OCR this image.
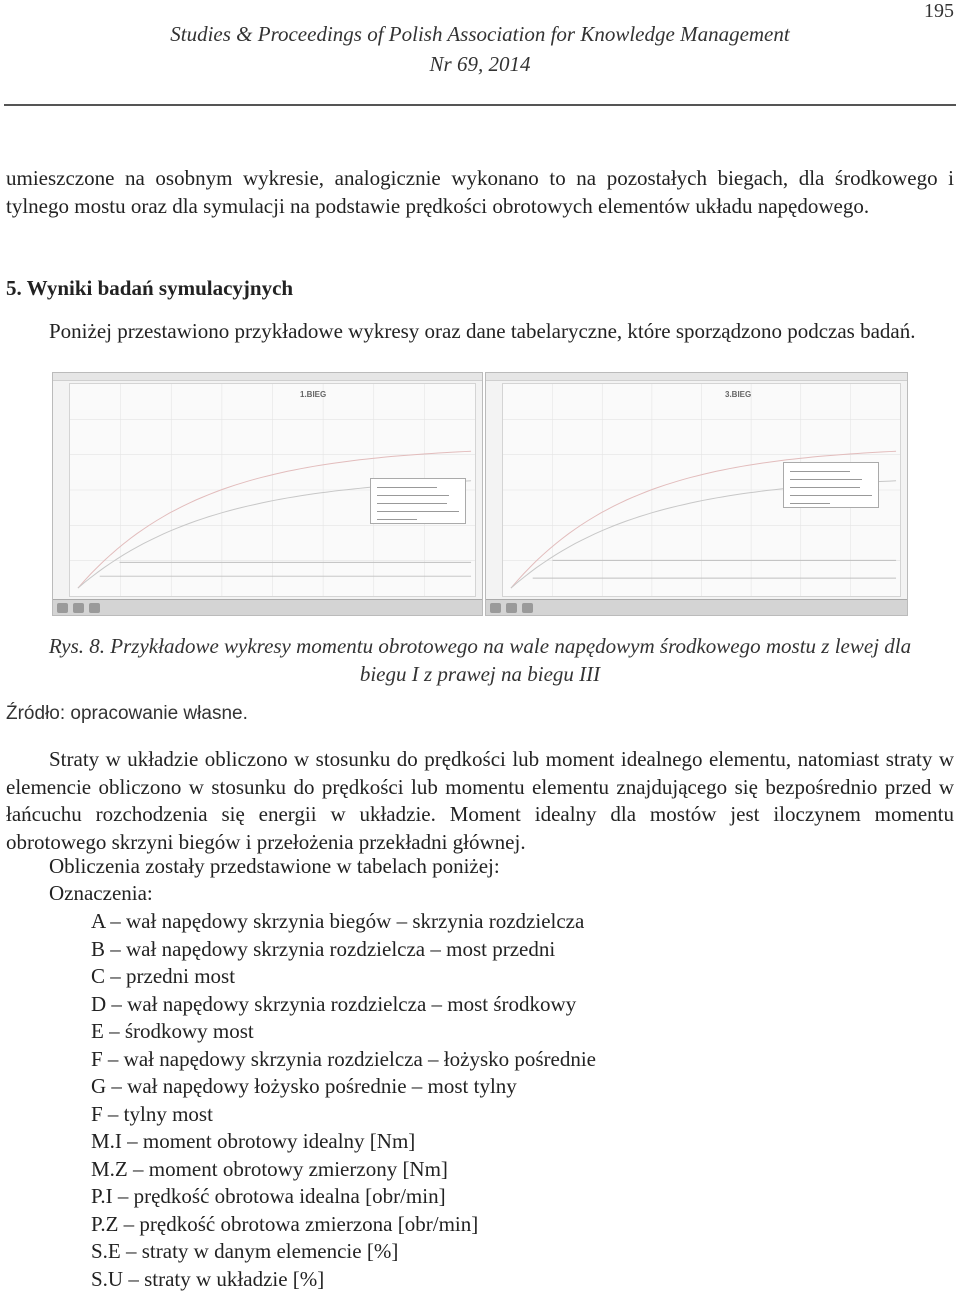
195
Studies & Proceedings of Polish Association for Knowledge Management
Nr 69, 2014

umieszczone na osobnym wykresie, analogicznie wykonano to na pozostałych biegach, dla środkowego i tylnego mostu oraz dla symulacji na podstawie prędkości obrotowych elementów układu napędowego.

5. Wyniki badań symulacyjnych

Poniżej przestawiono przykładowe wykresy oraz dane tabelaryczne, które sporządzono podczas badań.

1.BIEG	3.BIEG
Rys. 8. Przykładowe wykresy momentu obrotowego na wale napędowym środkowego mostu z lewej dla biegu I z prawej na biegu III
Źródło: opracowanie własne.

Straty w układzie obliczono w stosunku do prędkości lub moment idealnego elementu, natomiast straty w elemencie obliczono w stosunku do prędkości lub momentu elementu znajdującego się bezpośrednio przed w łańcuchu rozchodzenia się energii w układzie. Moment idealny dla mostów jest iloczynem momentu obrotowego skrzyni biegów i przełożenia przekładni głównej.

Obliczenia zostały przedstawione w tabelach poniżej:

Oznaczenia:

A – wał napędowy skrzynia biegów – skrzynia rozdzielcza
B – wał napędowy skrzynia rozdzielcza – most przedni
C – przedni most
D – wał napędowy skrzynia rozdzielcza – most środkowy
E – środkowy most
F – wał napędowy skrzynia rozdzielcza – łożysko pośrednie
G – wał napędowy łożysko pośrednie – most tylny
F – tylny most
M.I – moment obrotowy idealny [Nm]
M.Z – moment obrotowy zmierzony [Nm]
P.I – prędkość obrotowa idealna [obr/min]
P.Z – prędkość obrotowa zmierzona [obr/min]
S.E – straty w danym elemencie [%]
S.U – straty w układzie [%]
